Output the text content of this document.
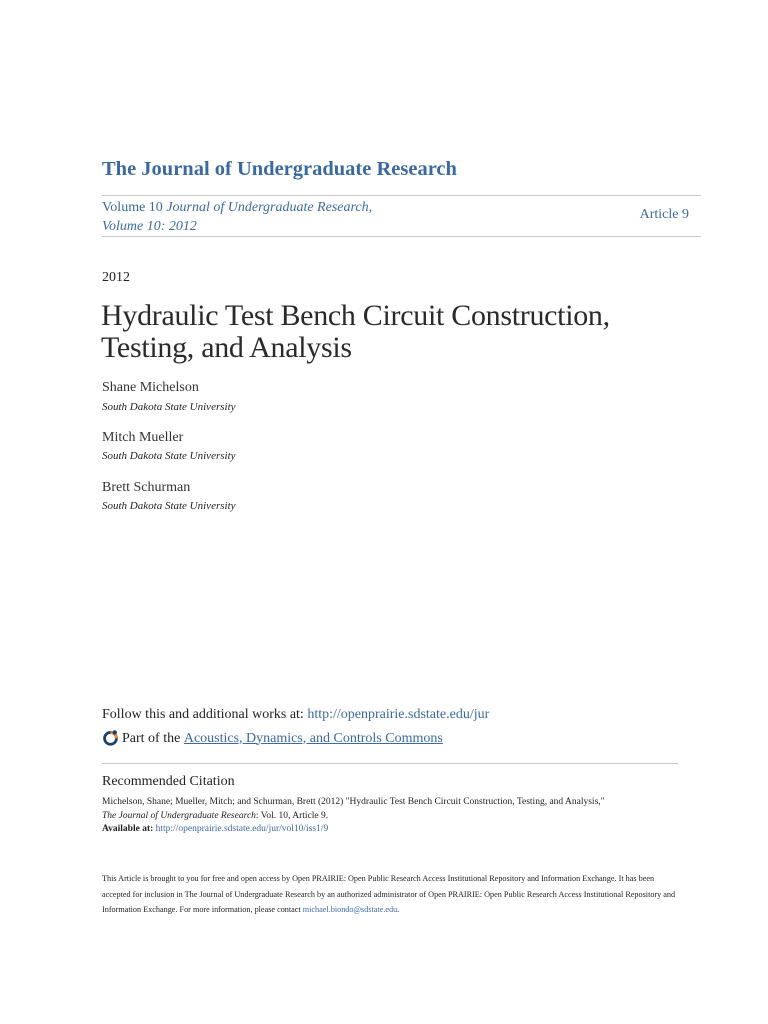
The Journal of Undergraduate Research
Volume 10 Journal of Undergraduate Research,
Volume 10: 2012
Article 9
2012
Hydraulic Test Bench Circuit Construction,
Testing, and Analysis
Shane Michelson
South Dakota State University
Mitch Mueller
South Dakota State University
Brett Schurman
South Dakota State University
Follow this and additional works at: http://openprairie.sdstate.edu/jur
Part of the
Acoustics, Dynamics, and Controls Commons
Recommended Citation
Michelson, Shane; Mueller, Mitch; and Schurman, Brett (2012) "Hydraulic Test Bench Circuit Construction, Testing, and Analysis,"
The Journal of Undergraduate Research: Vol. 10, Article 9.
Available at: http://openprairie.sdstate.edu/jur/vol10/iss1/9
This Article is brought to you for free and open access by Open PRAIRIE: Open Public Research Access Institutional Repository and Information Exchange. It has been accepted for inclusion in The Journal of Undergraduate Research by an authorized administrator of Open PRAIRIE: Open Public Research Access Institutional Repository and Information Exchange. For more information, please contact michael.biondo@sdstate.edu.
